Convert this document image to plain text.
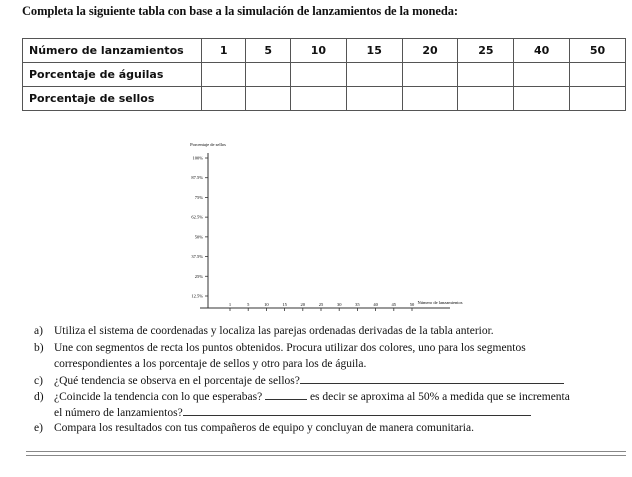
Completa la siguiente tabla con base a la simulación de lanzamientos de la moneda:
Número de lanzamientos	1	5	10	15	20	25	40	50
Porcentaje de águilas								
Porcentaje de sellos								
Porcentaje de sellos
Número de lanzamientos
100%
87.5%
75%
62.5%
50%
37.5%
25%
12.5%
1	5	10	15	20	25	30	35	40	45	50
a) Utiliza el sistema de coordenadas y localiza las parejas ordenadas derivadas de la tabla anterior.
b) Une con segmentos de recta los puntos obtenidos. Procura utilizar dos colores, uno para los segmentos
correspondientes a los porcentaje de sellos y otro para los de águila.
c) ¿Qué tendencia se observa en el porcentaje de sellos?
d) ¿Coincide la tendencia con lo que esperabas?	es decir se aproxima al 50% a medida que se incrementa
el número de lanzamientos?
e) Compara los resultados con tus compañeros de equipo y concluyan de manera comunitaria.
